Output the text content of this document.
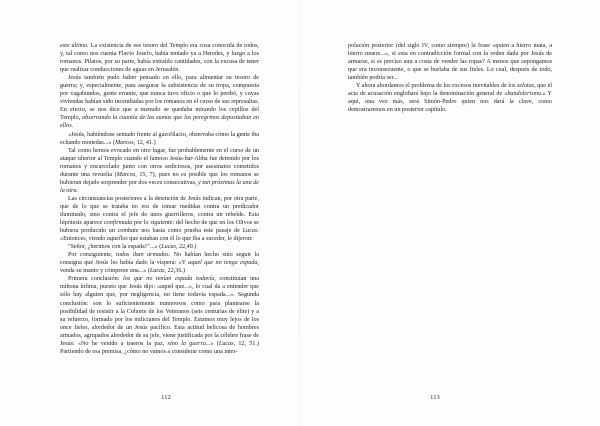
este último. La existencia de ese tesoro del Templo era cosa conocida de todos, y, tal como nos cuenta Flavio Josefo, había tentado ya a Heredes, y luego a los romanos. Pilatos, por su parte, había extraído cantidades, con la excusa de tener que realizar conducciones de aguas en Jerusalén.

Jesús también pudo haber pensado en ello, para alimentar su tesoro de guerra; y, especialmente, para asegurar la subsistencia de su tropa, compuesta por vagabundos, gente errante, que nunca tuvo oficio o que lo perdió, y cuyas viviendas habían sido incendiadas por los romanos en el curso de sus represalias. En efecto, se nos dice que a menudo se quedaba mirando los cepillos del Templo, observando la cuantía de las sumas que los peregrinos depositaban en ellos.

«Jesús, habiéndose sentado frente al gazofilacio, observaba cómo la gente iba echando monedas...» (Marcos, 12, 41.)

Tal como hemos evocado en otro lugar, fue probablemente en el curso de un ataque ulterior al Templo cuando el famoso Jesús-bar-Abba fue detenido por los romanos y encarcelado junto con otros sediciosos, por asesinatos cometidos durante una revuelta (Marcos, 15, 7), pues no es posible que los romanos se hubieran dejado sorprender por dos veces consecutivas, y tan próximas la una de la otra.

Las circunstancias posteriores a la detención de Jesús indican, por otra parte, que de lo que se trataba no era de tomar medidas contra un predicador iluminado, sino contra el jefe de unos guerrilleros, contra un rebelde. Esta hipótesis aparece confirmada por lo siguiente: del hecho de que en los Olivos se hubiera producido un combate nos basta como prueba este pasaje de Lucas: «Entonces, viendo aquellos que estaban con él lo que iba a suceder, le dijeron:

"Señor, ¿herimos con la espada?"...» (Lucas, 22,49.)

Por consiguiente, todos iban armados. No habían hecho sino seguir la consigna que Jesús les había dado la víspera: «Y aquel que no tenga espada, venda su manto y cómprese una...» (Lucas, 22,36.)

Primera conclusión: los que no tenían espada todavía, constituían una miñona ínfima, puesto que Jesús dijo: «aquel que...», lo cual da a entender que sólo hay alguien que, por negligencia, no tiene todavía espada...». Segunda conclusión: son lo suficientemente numerosos como para plantearse la posibilidad de resistir a la Cohorte de los Veteranos (seis centurias de élite) y a su refuerzo, formado por los milicianos del Templo. Estamos muy lejos de los once fieles, alrededor de un Jesús pacífico. Esta actitud belicosa de hombres armados, agrupados alrededor de su jefe, viene justificada por la célebre frase de Jesús: «No he venido a traeros la paz, sino la guerra...» (Lucas, 12, 51.) Partiendo de esa premisa, ¿cómo no vamos a considerar como una inter-

112

polación posterior (del siglo IV, como siempre) la frase «quien a hierro mata, a hierro muere...», si esta en contradicción formal con la orden dada por Jesús de armarse, si es preciso aun a costa de vender las ropas? A menos que supongamos que era inconsecuente, o que se burlaba de sus fieles. Lo cual, después de todo, también podría ser...

Y ahora abordamos el problema de los excesos inevitables de los zelotas, que el acta de acusación englobará bajo la denominación general de «bandolerismo.» Y aquí, una vez más, será Simón-Pedro quien nos dará la clave, como demostraremos en un posterior capítulo.

113
